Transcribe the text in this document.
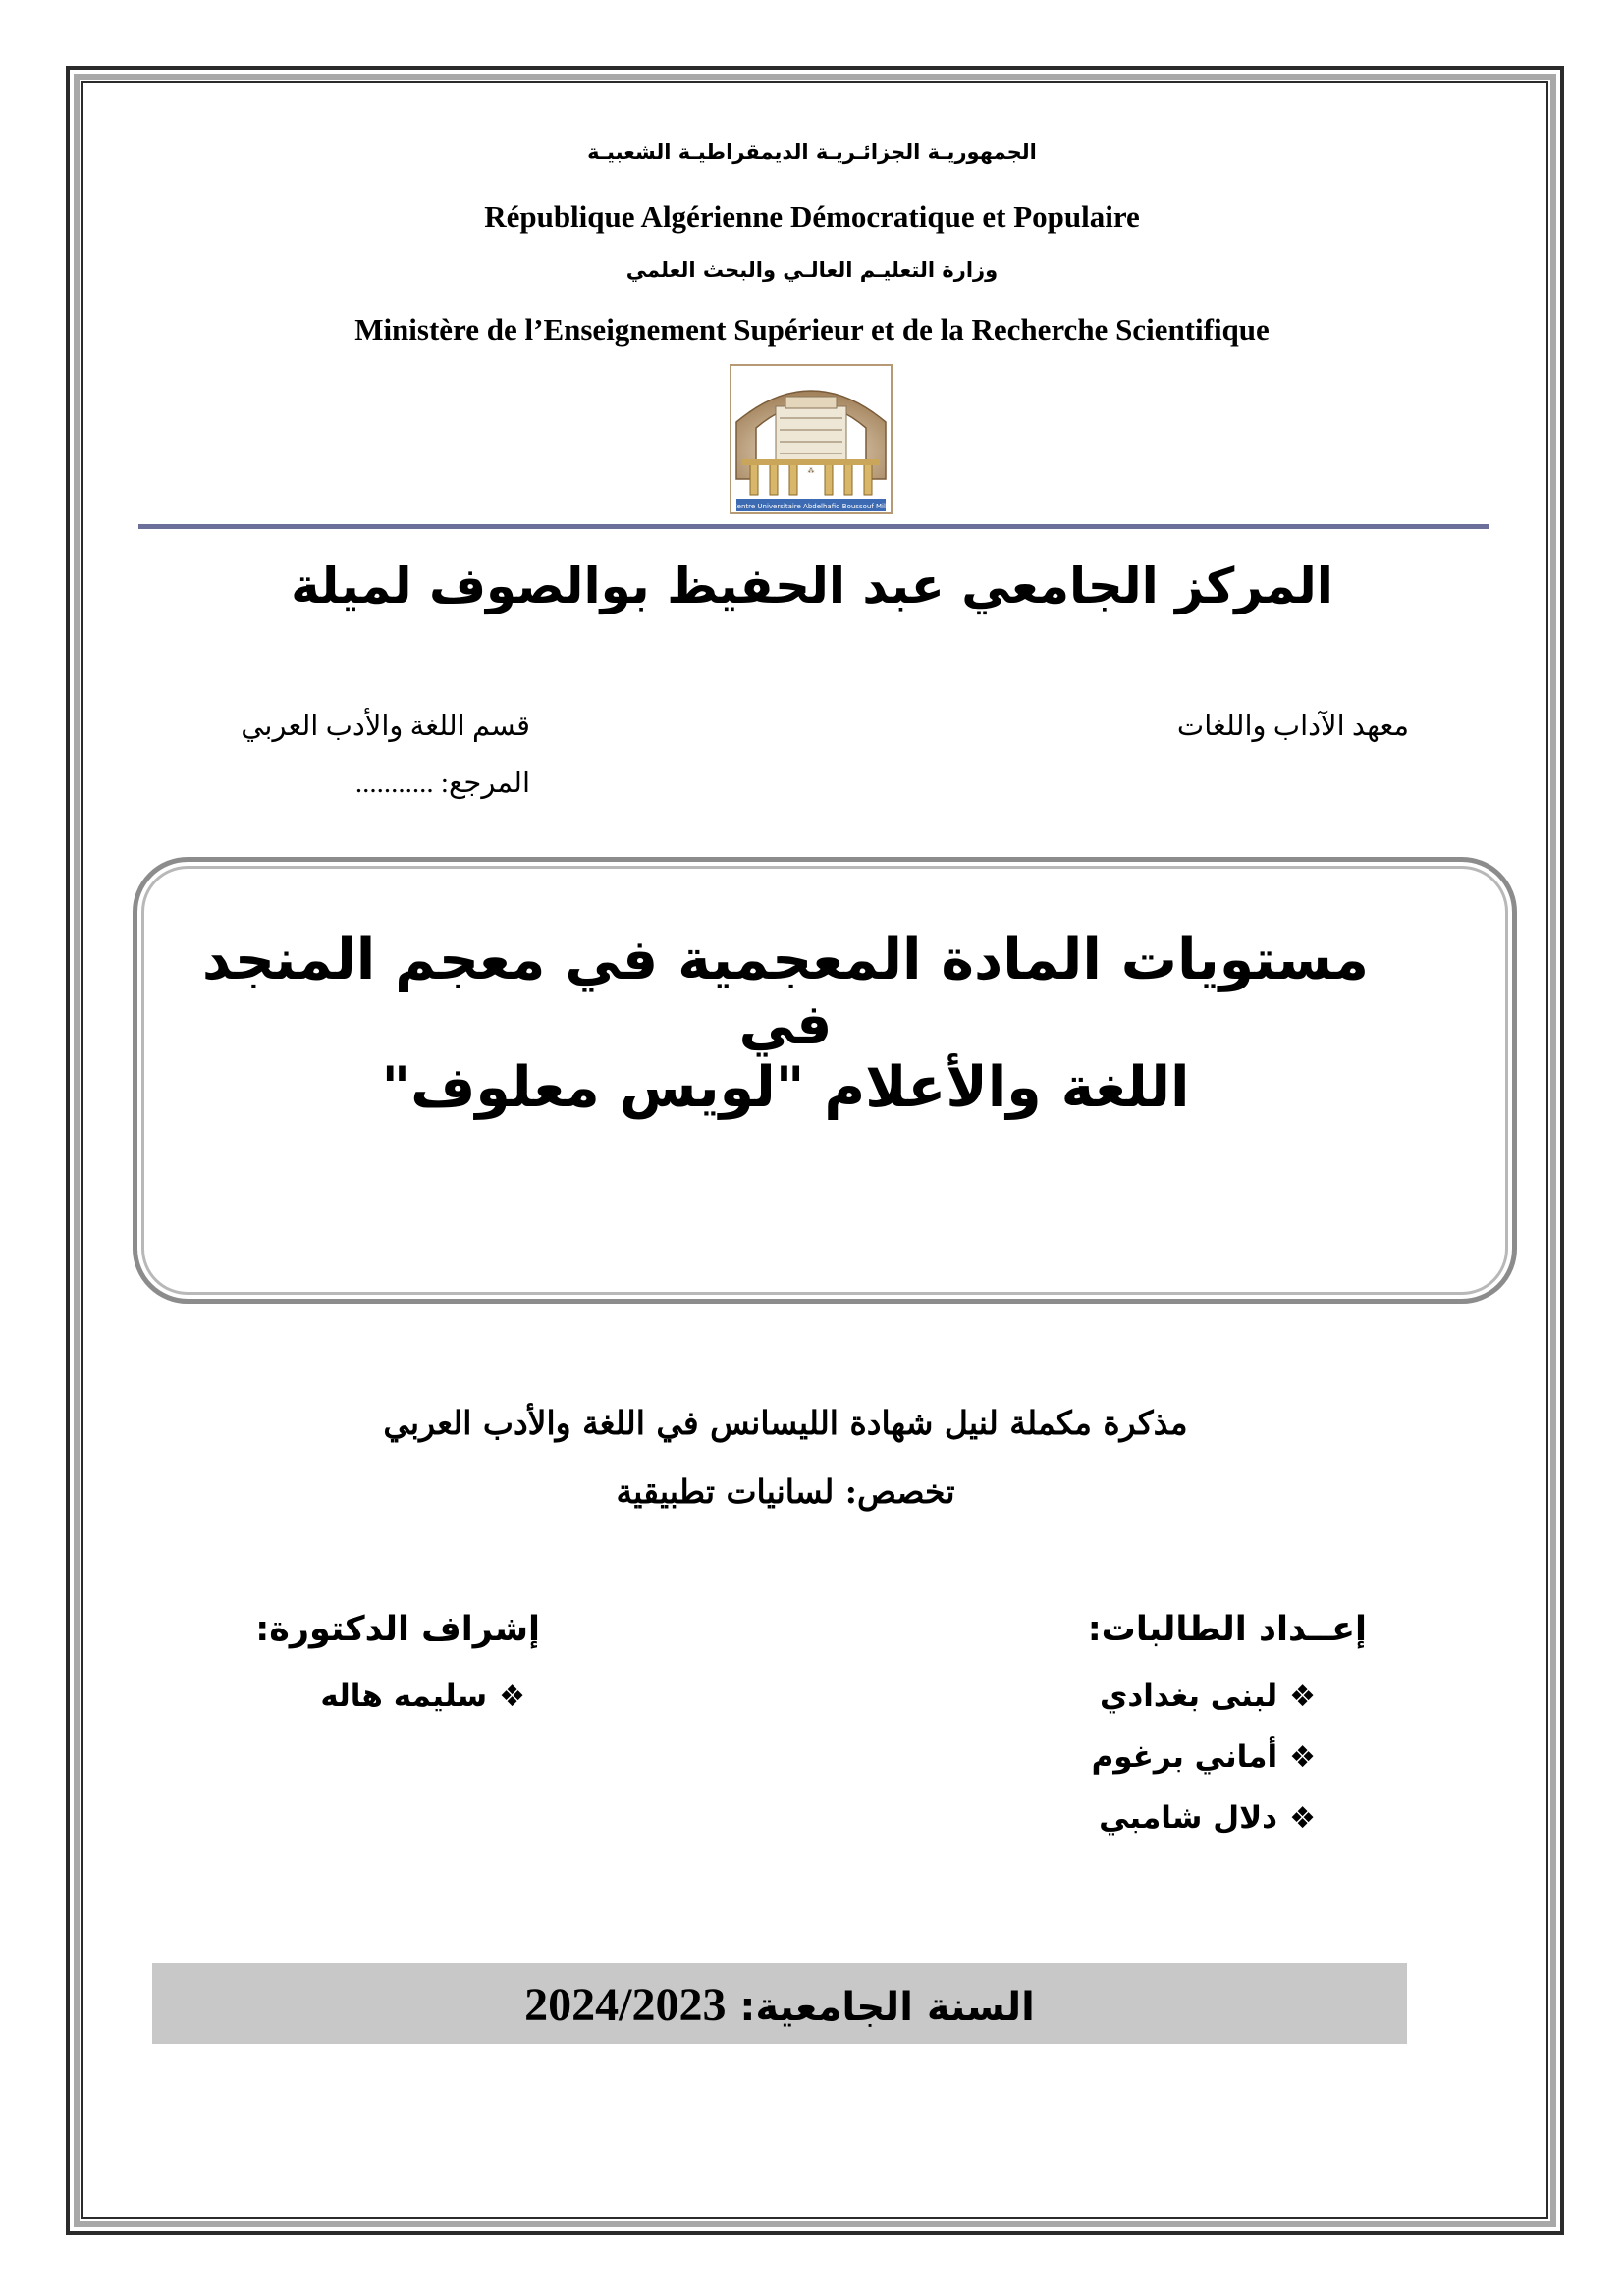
الجمهوريـة الجزائـريـة الديمقراطيـة الشعبيـة
République Algérienne Démocratique et Populaire
وزارة التعليـم العالـي والبحث العلمي
Ministère de l’Enseignement Supérieur et de la Recherche Scientifique
⁂
Centre Universitaire Abdelhafid Boussouf Mila
المركز الجامعي عبد الحفيظ بوالصوف لميلة
معهد الآداب واللغات
قسم اللغة والأدب العربي
المرجع: ...........
مستويات المادة المعجمية في معجم المنجد في
اللغة والأعلام "لويس معلوف"
مذكرة مكملة لنيل شهادة الليسانس في اللغة والأدب العربي
تخصص: لسانيات تطبيقية
إعــداد الطالبات:
❖لبنى بغدادي
❖أماني برغوم
❖دلال شامبي
إشراف الدكتورة:
❖سليمه هاله
السنة الجامعية: 2024/2023
